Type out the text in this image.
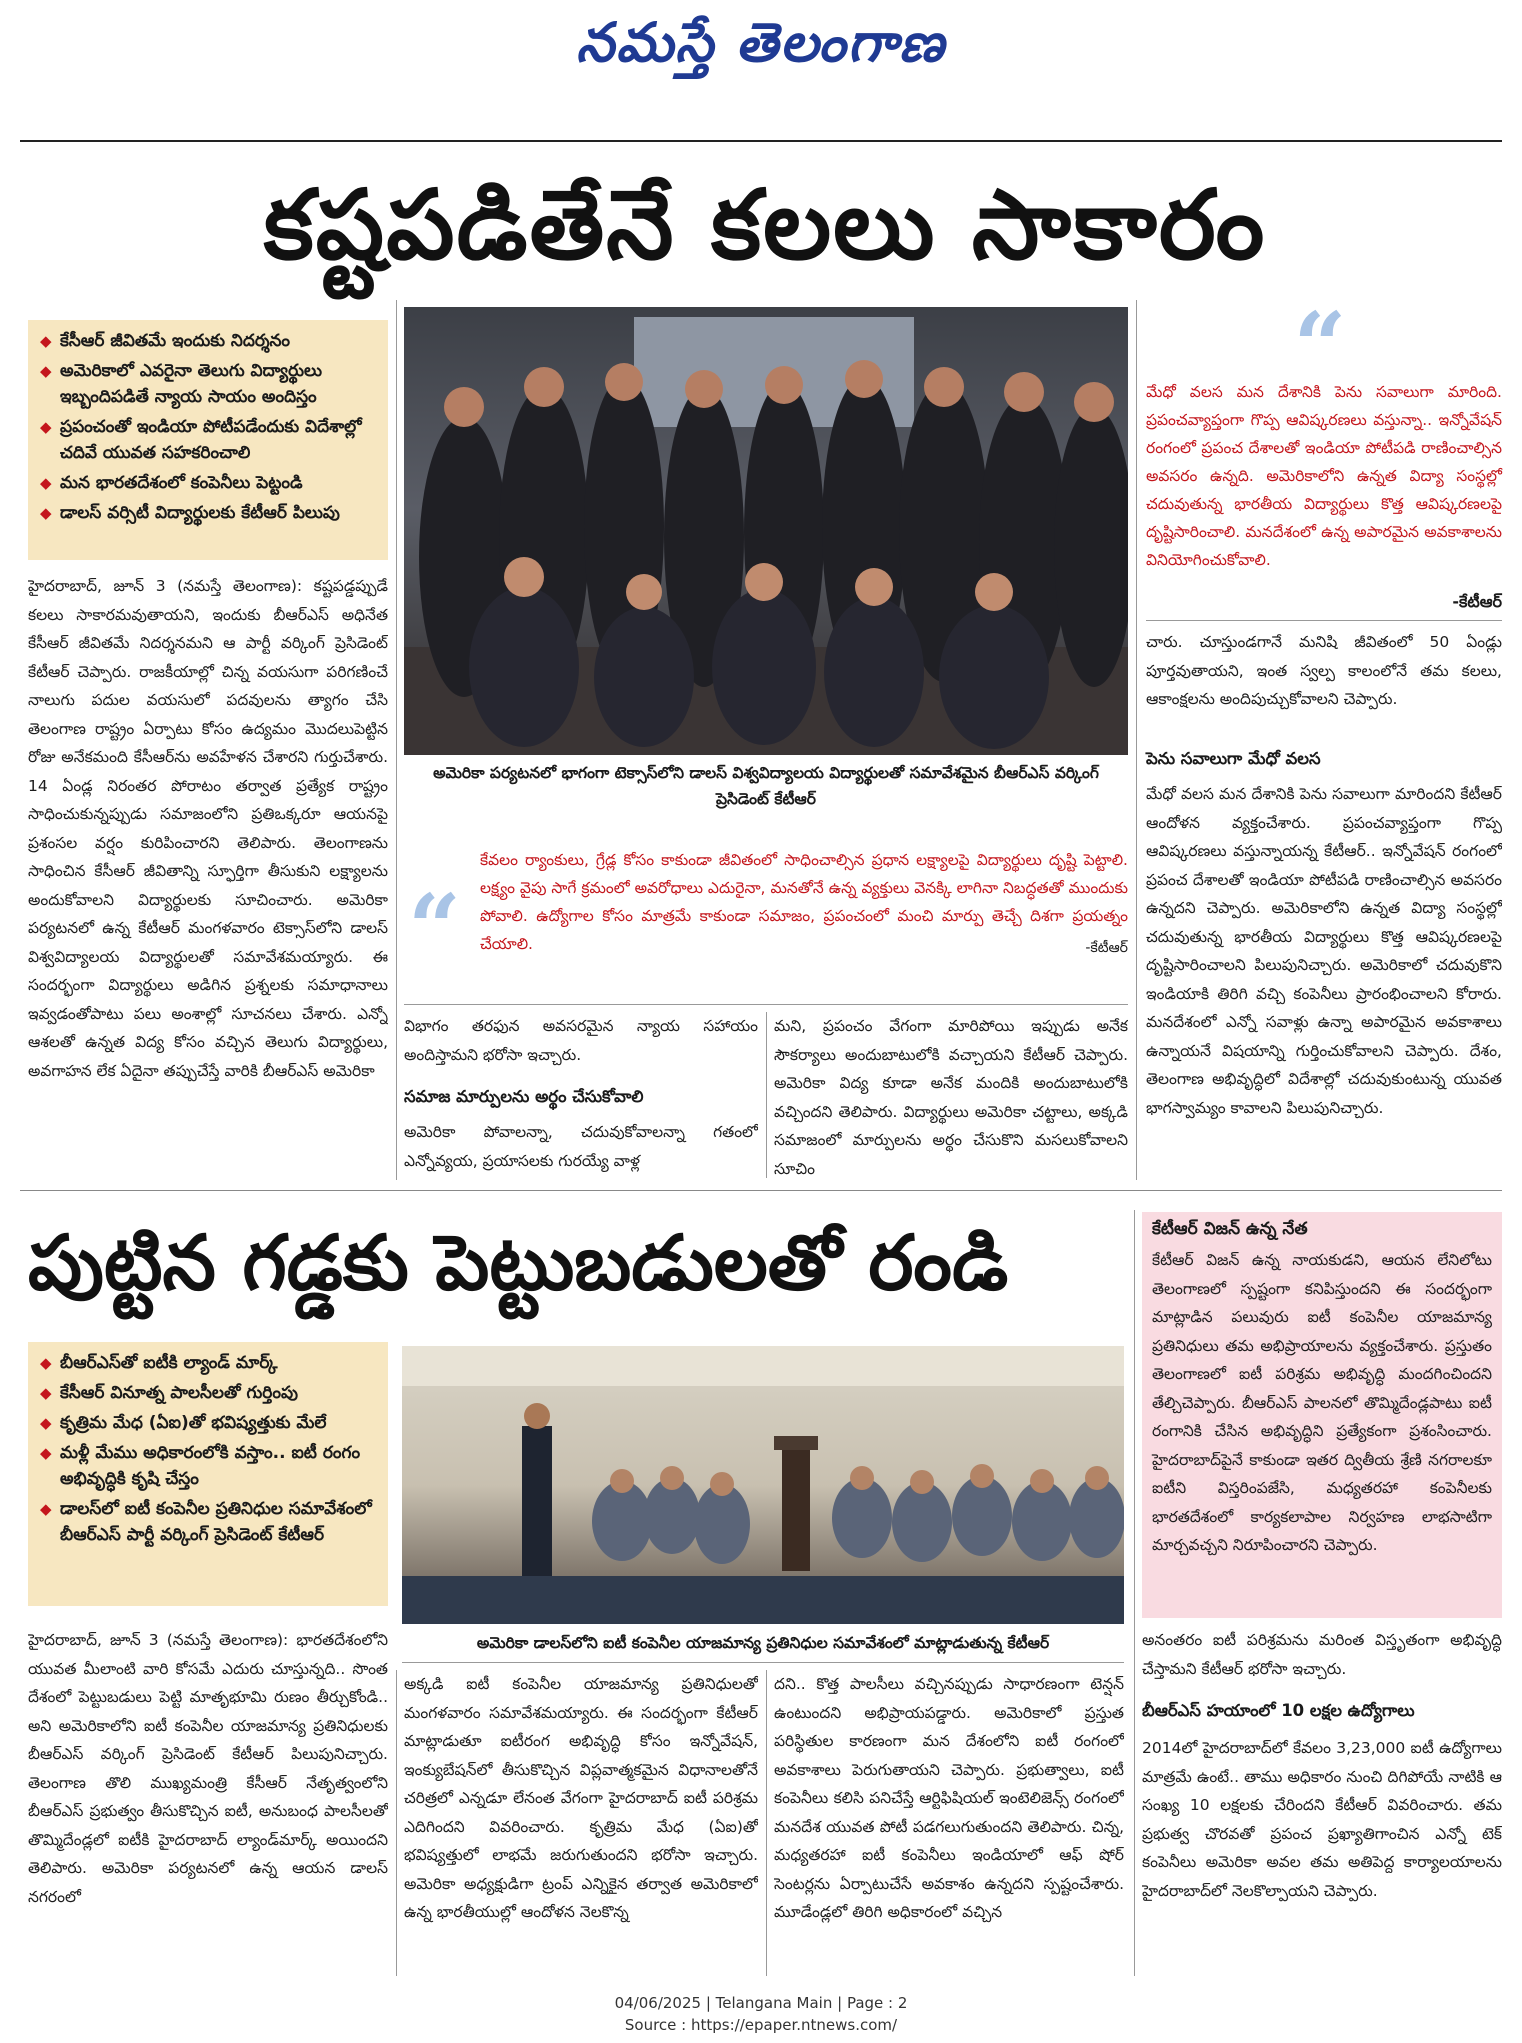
నమస్తే తెలంగాణ
కష్టపడితేనే కలలు సాకారం
◆ కేసీఆర్ జీవితమే ఇందుకు నిదర్శనం
◆ అమెరికాలో ఎవరైనా తెలుగు విద్యార్థులు ఇబ్బందిపడితే న్యాయ సాయం అందిస్తం
◆ ప్రపంచంతో ఇండియా పోటీపడేందుకు విదేశాల్లో చదివే యువత సహకరించాలి
◆ మన భారతదేశంలో కంపెనీలు పెట్టండి
◆ డాలస్ వర్సిటీ విద్యార్థులకు కేటీఆర్ పిలుపు
హైదరాబాద్, జూన్ 3 (నమస్తే తెలంగాణ): కష్టపడ్డప్పుడే కలలు సాకారమవుతాయని, ఇందుకు బీఆర్ఎస్ అధినేత కేసీఆర్ జీవితమే నిదర్శనమని ఆ పార్టీ వర్కింగ్ ప్రెసిడెంట్ కేటీఆర్ చెప్పారు. రాజకీయాల్లో చిన్న వయసుగా పరిగణించే నాలుగు పదుల వయసులో పదవులను త్యాగం చేసి తెలంగాణ రాష్ట్రం ఏర్పాటు కోసం ఉద్యమం మొదలుపెట్టిన రోజు అనేకమంది కేసీఆర్‌ను అవహేళన చేశారని గుర్తుచేశారు. 14 ఏండ్ల నిరంతర పోరాటం తర్వాత ప్రత్యేక రాష్ట్రం సాధించుకున్నప్పుడు సమాజంలోని ప్రతిఒక్కరూ ఆయనపై ప్రశంసల వర్షం కురిపించారని తెలిపారు. తెలంగాణను సాధించిన కేసీఆర్ జీవితాన్ని స్ఫూర్తిగా తీసుకుని లక్ష్యాలను అందుకోవాలని విద్యార్థులకు సూచించారు. అమెరికా పర్యటనలో ఉన్న కేటీఆర్ మంగళవారం టెక్సాస్‌లోని డాలస్ విశ్వవిద్యాలయ విద్యార్థులతో సమావేశమయ్యారు. ఈ సందర్భంగా విద్యార్థులు అడిగిన ప్రశ్నలకు సమాధానాలు ఇవ్వడంతోపాటు పలు అంశాల్లో సూచనలు చేశారు. ఎన్నో ఆశలతో ఉన్నత విద్య కోసం వచ్చిన తెలుగు విద్యార్థులు, అవగాహన లేక ఏదైనా తప్పుచేస్తే వారికి బీఆర్ఎస్ అమెరికా
అమెరికా పర్యటనలో భాగంగా టెక్సాస్‌లోని డాలస్ విశ్వవిద్యాలయ విద్యార్థులతో సమావేశమైన బీఆర్ఎస్ వర్కింగ్ ప్రెసిడెంట్ కేటీఆర్
“
కేవలం ర్యాంకులు, గ్రేడ్ల కోసం కాకుండా జీవితంలో సాధించాల్సిన ప్రధాన లక్ష్యాలపై విద్యార్థులు దృష్టి పెట్టాలి. లక్ష్యం వైపు సాగే క్రమంలో అవరోధాలు ఎదురైనా, మనతోనే ఉన్న వ్యక్తులు వెనక్కి లాగినా నిబద్ధతతో ముందుకు పోవాలి. ఉద్యోగాల కోసం మాత్రమే కాకుండా సమాజం, ప్రపంచంలో మంచి మార్పు తెచ్చే దిశగా ప్రయత్నం చేయాలి.	-కేటీఆర్
విభాగం తరఫున అవసరమైన న్యాయ సహాయం అందిస్తామని భరోసా ఇచ్చారు.
సమాజ మార్పులను అర్థం చేసుకోవాలి
అమెరికా పోవాలన్నా, చదువుకోవాలన్నా గతంలో ఎన్నోవ్యయ, ప్రయాసలకు గురయ్యే వాళ్ల
మని, ప్రపంచం వేగంగా మారిపోయి ఇప్పుడు అనేక సౌకర్యాలు అందుబాటులోకి వచ్చాయని కేటీఆర్ చెప్పారు. అమెరికా విద్య కూడా అనేక మందికి అందుబాటులోకి వచ్చిందని తెలిపారు. విద్యార్థులు అమెరికా చట్టాలు, అక్కడి సమాజంలో మార్పులను అర్థం చేసుకొని మసలుకోవాలని సూచిం
“
మేధో వలస మన దేశానికి పెను సవాలుగా మారింది. ప్రపంచవ్యాప్తంగా గొప్ప ఆవిష్కరణలు వస్తున్నా.. ఇన్నోవేషన్ రంగంలో ప్రపంచ దేశాలతో ఇండియా పోటీపడి రాణించాల్సిన అవసరం ఉన్నది. అమెరికాలోని ఉన్నత విద్యా సంస్థల్లో చదువుతున్న భారతీయ విద్యార్థులు కొత్త ఆవిష్కరణలపై దృష్టిసారించాలి. మనదేశంలో ఉన్న అపారమైన అవకాశాలను వినియోగించుకోవాలి.
-కేటీఆర్
చారు. చూస్తుండగానే మనిషి జీవితంలో 50 ఏండ్లు పూర్తవుతాయని, ఇంత స్వల్ప కాలంలోనే తమ కలలు, ఆకాంక్షలను అందిపుచ్చుకోవాలని చెప్పారు.
పెను సవాలుగా మేధో వలస
మేధో వలస మన దేశానికి పెను సవాలుగా మారిందని కేటీఆర్ ఆందోళన వ్యక్తంచేశారు. ప్రపంచవ్యాప్తంగా గొప్ప ఆవిష్కరణలు వస్తున్నాయన్న కేటీఆర్.. ఇన్నోవేషన్ రంగంలో ప్రపంచ దేశాలతో ఇండియా పోటీపడి రాణించాల్సిన అవసరం ఉన్నదని చెప్పారు. అమెరికాలోని ఉన్నత విద్యా సంస్థల్లో చదువుతున్న భారతీయ విద్యార్థులు కొత్త ఆవిష్కరణలపై దృష్టిసారించాలని పిలుపునిచ్చారు. అమెరికాలో చదువుకొని ఇండియాకి తిరిగి వచ్చి కంపెనీలు ప్రారంభించాలని కోరారు. మనదేశంలో ఎన్నో సవాళ్లు ఉన్నా అపారమైన అవకాశాలు ఉన్నాయనే విషయాన్ని గుర్తించుకోవాలని చెప్పారు. దేశం, తెలంగాణ అభివృద్ధిలో విదేశాల్లో చదువుకుంటున్న యువత భాగస్వామ్యం కావాలని పిలుపునిచ్చారు.
పుట్టిన గడ్డకు పెట్టుబడులతో రండి
◆ బీఆర్ఎస్‌తో ఐటీకి ల్యాండ్ మార్క్
◆ కేసీఆర్ వినూత్న పాలసీలతో గుర్తింపు
◆ కృత్రిమ మేధ (ఏఐ)తో భవిష్యత్తుకు మేలే
◆ మళ్లీ మేము అధికారంలోకి వస్తాం.. ఐటీ రంగం అభివృద్ధికి కృషి చేస్తం
◆ డాలస్‌లో ఐటీ కంపెనీల ప్రతినిధుల సమావేశంలో బీఆర్ఎస్ పార్టీ వర్కింగ్ ప్రెసిడెంట్ కేటీఆర్
అమెరికా డాలస్‌లోని ఐటీ కంపెనీల యాజమాన్య ప్రతినిధుల సమావేశంలో మాట్లాడుతున్న కేటీఆర్
హైదరాబాద్, జూన్ 3 (నమస్తే తెలంగాణ): భారతదేశంలోని యువత మీలాంటి వారి కోసమే ఎదురు చూస్తున్నది.. సొంత దేశంలో పెట్టుబడులు పెట్టి మాతృభూమి రుణం తీర్చుకోండి.. అని అమెరికాలోని ఐటీ కంపెనీల యాజమాన్య ప్రతినిధులకు బీఆర్ఎస్ వర్కింగ్ ప్రెసిడెంట్ కేటీఆర్ పిలుపునిచ్చారు. తెలంగాణ తొలి ముఖ్యమంత్రి కేసీఆర్ నేతృత్వంలోని బీఆర్ఎస్ ప్రభుత్వం తీసుకొచ్చిన ఐటీ, అనుబంధ పాలసీలతో తొమ్మిదేండ్లలో ఐటీకి హైదరాబాద్ ల్యాండ్‌మార్క్ అయిందని తెలిపారు. అమెరికా పర్యటనలో ఉన్న ఆయన డాలస్ నగరంలో
అక్కడి ఐటీ కంపెనీల యాజమాన్య ప్రతినిధులతో మంగళవారం సమావేశమయ్యారు. ఈ సందర్భంగా కేటీఆర్ మాట్లాడుతూ ఐటీరంగ అభివృద్ధి కోసం ఇన్నోవేషన్, ఇంక్యుబేషన్‌లో తీసుకొచ్చిన విప్లవాత్మకమైన విధానాలతోనే చరిత్రలో ఎన్నడూ లేనంత వేగంగా హైదరాబాద్ ఐటీ పరిశ్రమ ఎదిగిందని వివరించారు. కృత్రిమ మేధ (ఏఐ)తో భవిష్యత్తులో లాభమే జరుగుతుందని భరోసా ఇచ్చారు. అమెరికా అధ్యక్షుడిగా ట్రంప్ ఎన్నికైన తర్వాత అమెరికాలో ఉన్న భారతీయుల్లో ఆందోళన నెలకొన్న
దని.. కొత్త పాలసీలు వచ్చినప్పుడు సాధారణంగా టెన్షన్ ఉంటుందని అభిప్రాయపడ్డారు. అమెరికాలో ప్రస్తుత పరిస్థితుల కారణంగా మన దేశంలోని ఐటీ రంగంలో అవకాశాలు పెరుగుతాయని చెప్పారు. ప్రభుత్వాలు, ఐటీ కంపెనీలు కలిసి పనిచేస్తే ఆర్టిఫిషియల్ ఇంటెలిజెన్స్ రంగంలో మనదేశ యువత పోటీ పడగలుగుతుందని తెలిపారు. చిన్న, మధ్యతరహా ఐటీ కంపెనీలు ఇండియాలో ఆఫ్ షోర్ సెంటర్లను ఏర్పాటుచేసే అవకాశం ఉన్నదని స్పష్టంచేశారు. మూడేండ్లలో తిరిగి అధికారంలో వచ్చిన
కేటీఆర్ విజన్ ఉన్న నేత
కేటీఆర్ విజన్ ఉన్న నాయకుడని, ఆయన లేనిలోటు తెలంగాణలో స్పష్టంగా కనిపిస్తుందని ఈ సందర్భంగా మాట్లాడిన పలువురు ఐటీ కంపెనీల యాజమాన్య ప్రతినిధులు తమ అభిప్రాయాలను వ్యక్తంచేశారు. ప్రస్తుతం తెలంగాణలో ఐటీ పరిశ్రమ అభివృద్ధి మందగించిందని తేల్చిచెప్పారు. బీఆర్ఎస్ పాలనలో తొమ్మిదేండ్లపాటు ఐటీ రంగానికి చేసిన అభివృద్ధిని ప్రత్యేకంగా ప్రశంసించారు. హైదరాబాద్‌పైనే కాకుండా ఇతర ద్వితీయ శ్రేణి నగరాలకూ ఐటీని విస్తరింపజేసి, మధ్యతరహా కంపెనీలకు భారతదేశంలో కార్యకలాపాల నిర్వహణ లాభసాటిగా మార్చవచ్చని నిరూపించారని చెప్పారు.
అనంతరం ఐటీ పరిశ్రమను మరింత విస్తృతంగా అభివృద్ధి చేస్తామని కేటీఆర్ భరోసా ఇచ్చారు.
బీఆర్ఎస్ హయాంలో 10 లక్షల ఉద్యోగాలు
2014లో హైదరాబాద్‌లో కేవలం 3,23,000 ఐటీ ఉద్యోగాలు మాత్రమే ఉంటే.. తాము అధికారం నుంచి దిగిపోయే నాటికి ఆ సంఖ్య 10 లక్షలకు చేరిందని కేటీఆర్ వివరించారు. తమ ప్రభుత్వ చొరవతో ప్రపంచ ప్రఖ్యాతిగాంచిన ఎన్నో టెక్ కంపెనీలు అమెరికా అవల తమ అతిపెద్ద కార్యాలయాలను హైదరాబాద్‌లో నెలకొల్పాయని చెప్పారు.
04/06/2025 | Telangana Main | Page : 2
Source : https://epaper.ntnews.com/
